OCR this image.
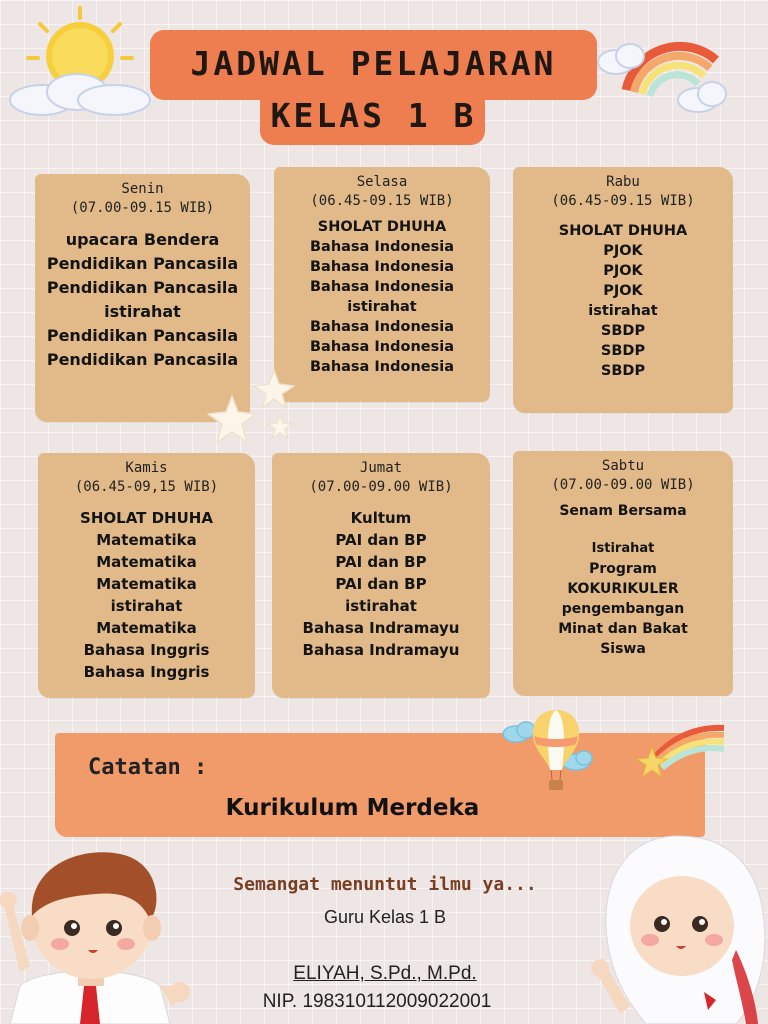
JADWAL PELAJARAN
KELAS 1 B
Senin
(07.00-09.15 WIB)
upacara Bendera
Pendidikan Pancasila
Pendidikan Pancasila
istirahat
Pendidikan Pancasila
Pendidikan Pancasila
Selasa
(06.45-09.15 WIB)
SHOLAT DHUHA
Bahasa Indonesia
Bahasa Indonesia
Bahasa Indonesia
istirahat
Bahasa Indonesia
Bahasa Indonesia
Bahasa Indonesia
Rabu
(06.45-09.15 WIB)
SHOLAT DHUHA
PJOK
PJOK
PJOK
istirahat
SBDP
SBDP
SBDP
Kamis
(06.45-09,15 WIB)
SHOLAT DHUHA
Matematika
Matematika
Matematika
istirahat
Matematika
Bahasa Inggris
Bahasa Inggris
Jumat
(07.00-09.00 WIB)
Kultum
PAI dan BP
PAI dan BP
PAI dan BP
istirahat
Bahasa Indramayu
Bahasa Indramayu
Sabtu
(07.00-09.00 WIB)
Senam Bersama
Istirahat
Program
KOKURIKULER
pengembangan
Minat dan Bakat
Siswa
Catatan :
Kurikulum Merdeka
Semangat menuntut ilmu ya...
Guru Kelas 1 B
ELIYAH, S.Pd., M.Pd.
NIP. 198310112009022001
